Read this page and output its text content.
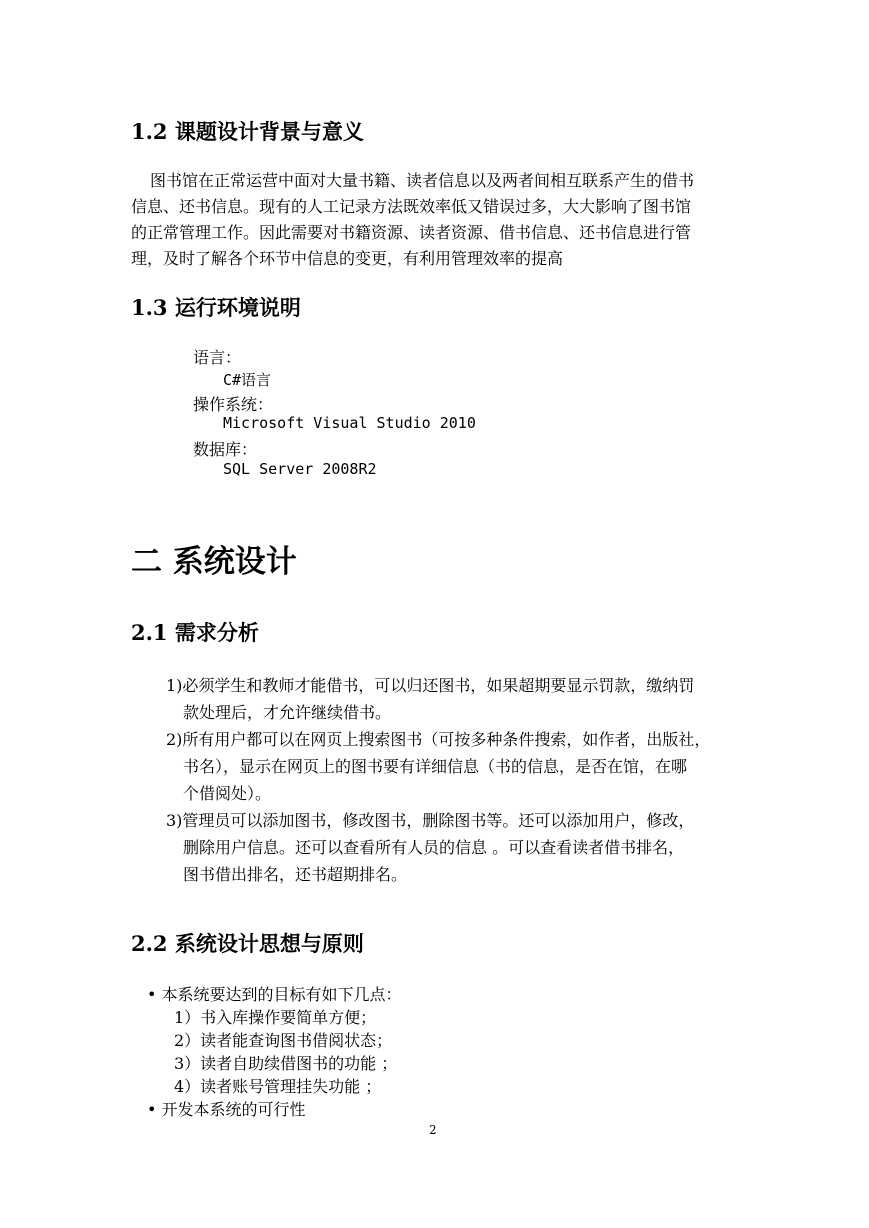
1.2 课题设计背景与意义

图书馆在正常运营中面对大量书籍、读者信息以及两者间相互联系产生的借书

信息、还书信息。现有的人工记录方法既效率低又错误过多，大大影响了图书馆

的正常管理工作。因此需要对书籍资源、读者资源、借书信息、还书信息进行管

理，及时了解各个环节中信息的变更，有利用管理效率的提高

1.3 运行环境说明
语言：
C#语言
操作系统：
Microsoft Visual Studio 2010
数据库：
SQL Server 2008R2
二 系统设计
2.1 需求分析
1)必须学生和教师才能借书，可以归还图书，如果超期要显示罚款，缴纳罚
款处理后，才允许继续借书。
2)所有用户都可以在网页上搜索图书（可按多种条件搜索，如作者，出版社，
书名），显示在网页上的图书要有详细信息（书的信息，是否在馆，在哪
个借阅处）。
3)管理员可以添加图书，修改图书，删除图书等。还可以添加用户，修改，
删除用户信息。还可以查看所有人员的信息 。可以查看读者借书排名，
图书借出排名，还书超期排名。
2.2 系统设计思想与原则
• 本系统要达到的目标有如下几点：
1）书入库操作要简单方便；
2）读者能查询图书借阅状态；
3）读者自助续借图书的功能 ；
4）读者账号管理挂失功能 ；
• 开发本系统的可行性
2
